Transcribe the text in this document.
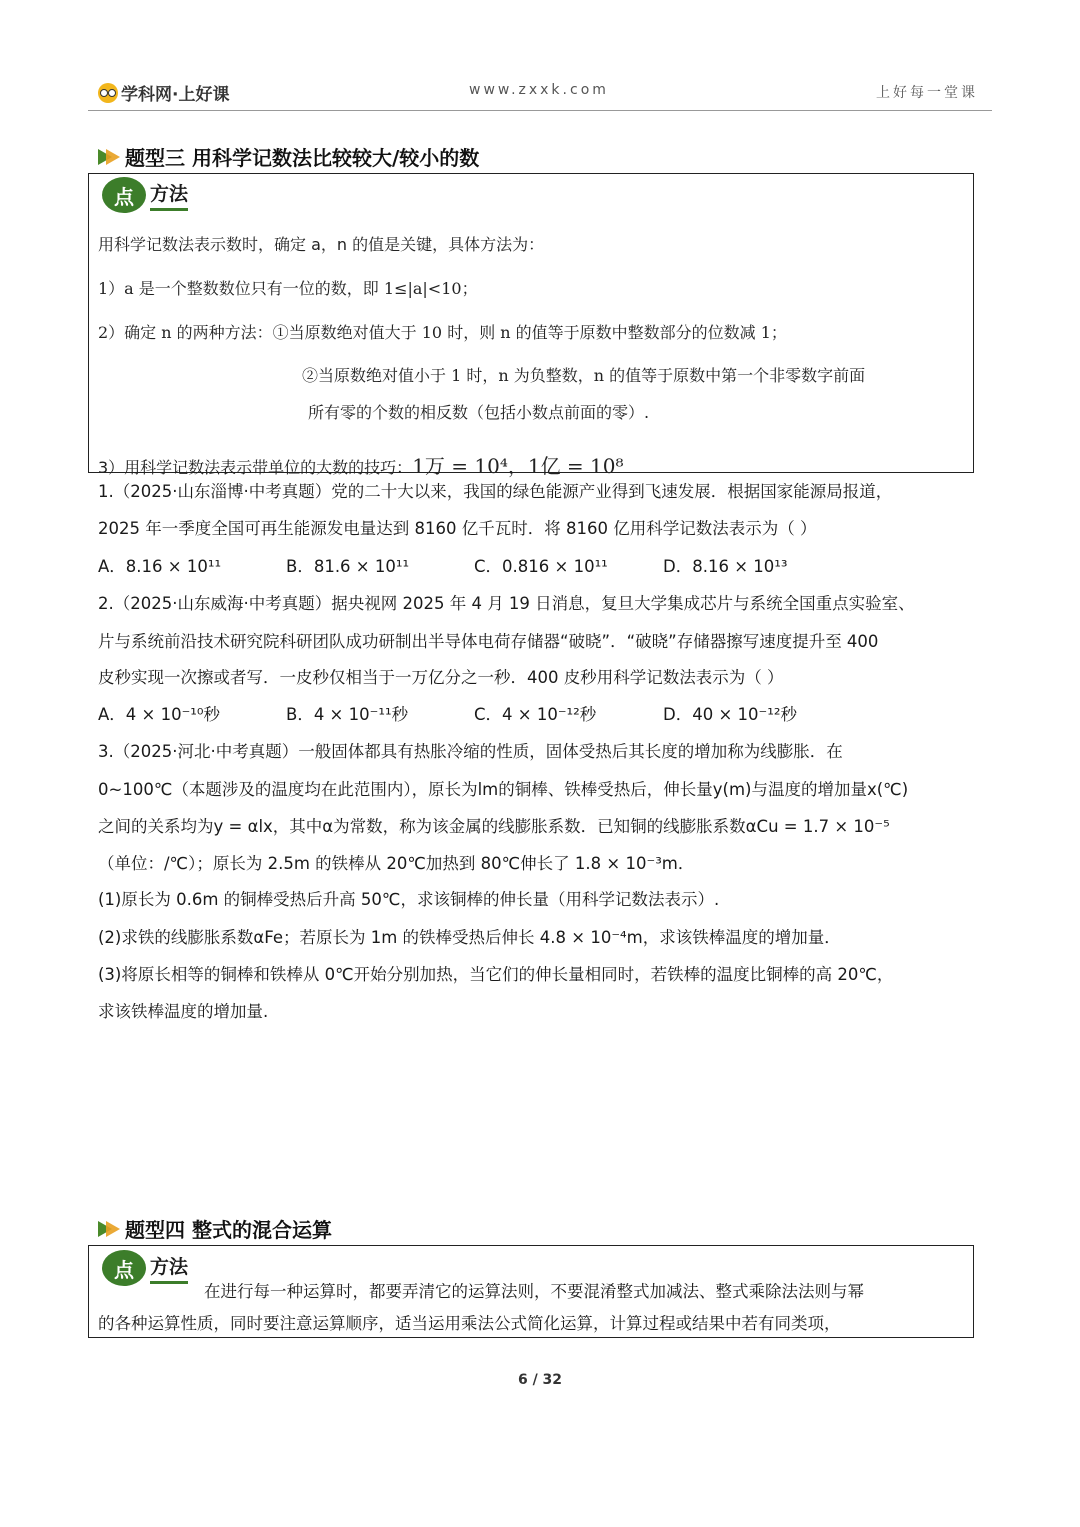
学科网·上好课	www.zxxk.com	上好每一堂课
题型三 用科学记数法比较较大/较小的数
点 方法
用科学记数法表示数时，确定 a，n 的值是关键，具体方法为：
1）a 是一个整数数位只有一位的数，即 1≤|a|<10；
2）确定 n 的两种方法：①当原数绝对值大于 10 时，则 n 的值等于原数中整数部分的位数减 1；
②当原数绝对值小于 1 时，n 为负整数，n 的值等于原数中第一个非零数字前面
所有零的个数的相反数（包括小数点前面的零）.
3）用科学记数法表示带单位的大数的技巧：1万 = 10⁴，1亿 = 10⁸
1.（2025·山东淄博·中考真题）党的二十大以来，我国的绿色能源产业得到飞速发展．根据国家能源局报道，
2025 年一季度全国可再生能源发电量达到 8160 亿千瓦时．将 8160 亿用科学记数法表示为（ ）
A．8.16 × 10¹¹	B．81.6 × 10¹¹	C．0.816 × 10¹¹	D．8.16 × 10¹³
2.（2025·山东威海·中考真题）据央视网 2025 年 4 月 19 日消息，复旦大学集成芯片与系统全国重点实验室、
片与系统前沿技术研究院科研团队成功研制出半导体电荷存储器“破晓”．“破晓”存储器擦写速度提升至 400
皮秒实现一次擦或者写．一皮秒仅相当于一万亿分之一秒．400 皮秒用科学记数法表示为（ ）
A．4 × 10⁻¹⁰秒	B．4 × 10⁻¹¹秒	C．4 × 10⁻¹²秒	D．40 × 10⁻¹²秒
3.（2025·河北·中考真题）一般固体都具有热胀冷缩的性质，固体受热后其长度的增加称为线膨胀．在
0~100℃（本题涉及的温度均在此范围内），原长为lm的铜棒、铁棒受热后，伸长量y(m)与温度的增加量x(℃)
之间的关系均为y = αlx，其中α为常数，称为该金属的线膨胀系数．已知铜的线膨胀系数αCu = 1.7 × 10⁻⁵
（单位：/℃）；原长为 2.5m 的铁棒从 20℃加热到 80℃伸长了 1.8 × 10⁻³m．
(1)原长为 0.6m 的铜棒受热后升高 50℃，求该铜棒的伸长量（用科学记数法表示）.
(2)求铁的线膨胀系数αFe；若原长为 1m 的铁棒受热后伸长 4.8 × 10⁻⁴m，求该铁棒温度的增加量．
(3)将原长相等的铜棒和铁棒从 0℃开始分别加热，当它们的伸长量相同时，若铁棒的温度比铜棒的高 20℃，
求该铁棒温度的增加量.
题型四 整式的混合运算
点 方法
在进行每一种运算时，都要弄清它的运算法则，不要混淆整式加减法、整式乘除法法则与幂
的各种运算性质，同时要注意运算顺序，适当运用乘法公式简化运算，计算过程或结果中若有同类项，
6 / 32
